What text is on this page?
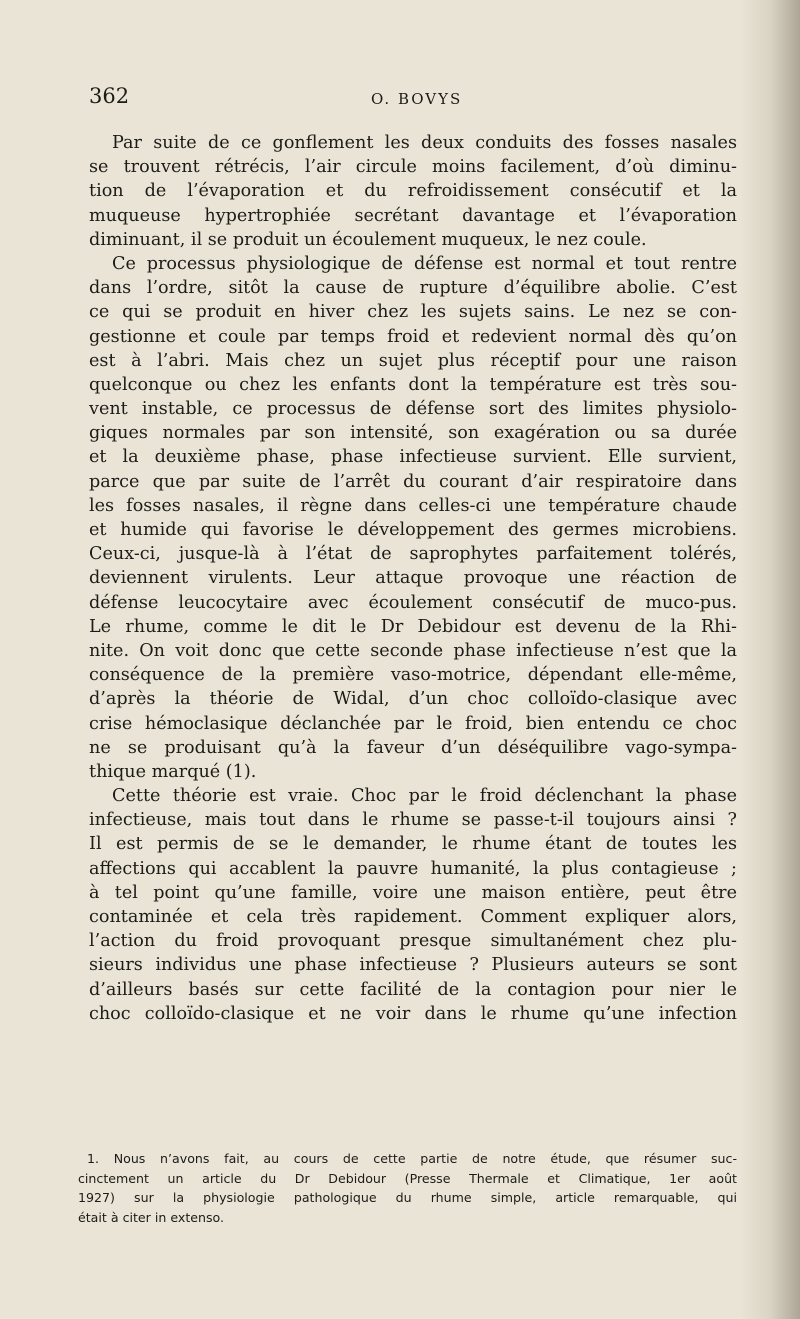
362	O. BOVYS
Par suite de ce gonflement les deux conduits des fosses nasales
se trouvent rétrécis, l’air circule moins facilement, d’où diminu-
tion de l’évaporation et du refroidissement consécutif et la
muqueuse hypertrophiée secrétant davantage et l’évaporation
diminuant, il se produit un écoulement muqueux, le nez coule.
Ce processus physiologique de défense est normal et tout rentre
dans l’ordre, sitôt la cause de rupture d’équilibre abolie. C’est
ce qui se produit en hiver chez les sujets sains. Le nez se con-
gestionne et coule par temps froid et redevient normal dès qu’on
est à l’abri. Mais chez un sujet plus réceptif pour une raison
quelconque ou chez les enfants dont la température est très sou-
vent instable, ce processus de défense sort des limites physiolo-
giques normales par son intensité, son exagération ou sa durée
et la deuxième phase, phase infectieuse survient. Elle survient,
parce que par suite de l’arrêt du courant d’air respiratoire dans
les fosses nasales, il règne dans celles-ci une température chaude
et humide qui favorise le développement des germes microbiens.
Ceux-ci, jusque-là à l’état de saprophytes parfaitement tolérés,
deviennent virulents. Leur attaque provoque une réaction de
défense leucocytaire avec écoulement consécutif de muco-pus.
Le rhume, comme le dit le Dr Debidour est devenu de la Rhi-
nite. On voit donc que cette seconde phase infectieuse n’est que la
conséquence de la première vaso-motrice, dépendant elle-même,
d’après la théorie de Widal, d’un choc colloïdo-clasique avec
crise hémoclasique déclanchée par le froid, bien entendu ce choc
ne se produisant qu’à la faveur d’un déséquilibre vago-sympa-
thique marqué (1).
Cette théorie est vraie. Choc par le froid déclenchant la phase
infectieuse, mais tout dans le rhume se passe-t-il toujours ainsi ?
Il est permis de se le demander, le rhume étant de toutes les
affections qui accablent la pauvre humanité, la plus contagieuse ;
à tel point qu’une famille, voire une maison entière, peut être
contaminée et cela très rapidement. Comment expliquer alors,
l’action du froid provoquant presque simultanément chez plu-
sieurs individus une phase infectieuse ? Plusieurs auteurs se sont
d’ailleurs basés sur cette facilité de la contagion pour nier le
choc colloïdo-clasique et ne voir dans le rhume qu’une infection
1. Nous n’avons fait, au cours de cette partie de notre étude, que résumer suc-
cinctement un article du Dr Debidour (Presse Thermale et Climatique, 1er août
1927) sur la physiologie pathologique du rhume simple, article remarquable, qui
était à citer in extenso.
